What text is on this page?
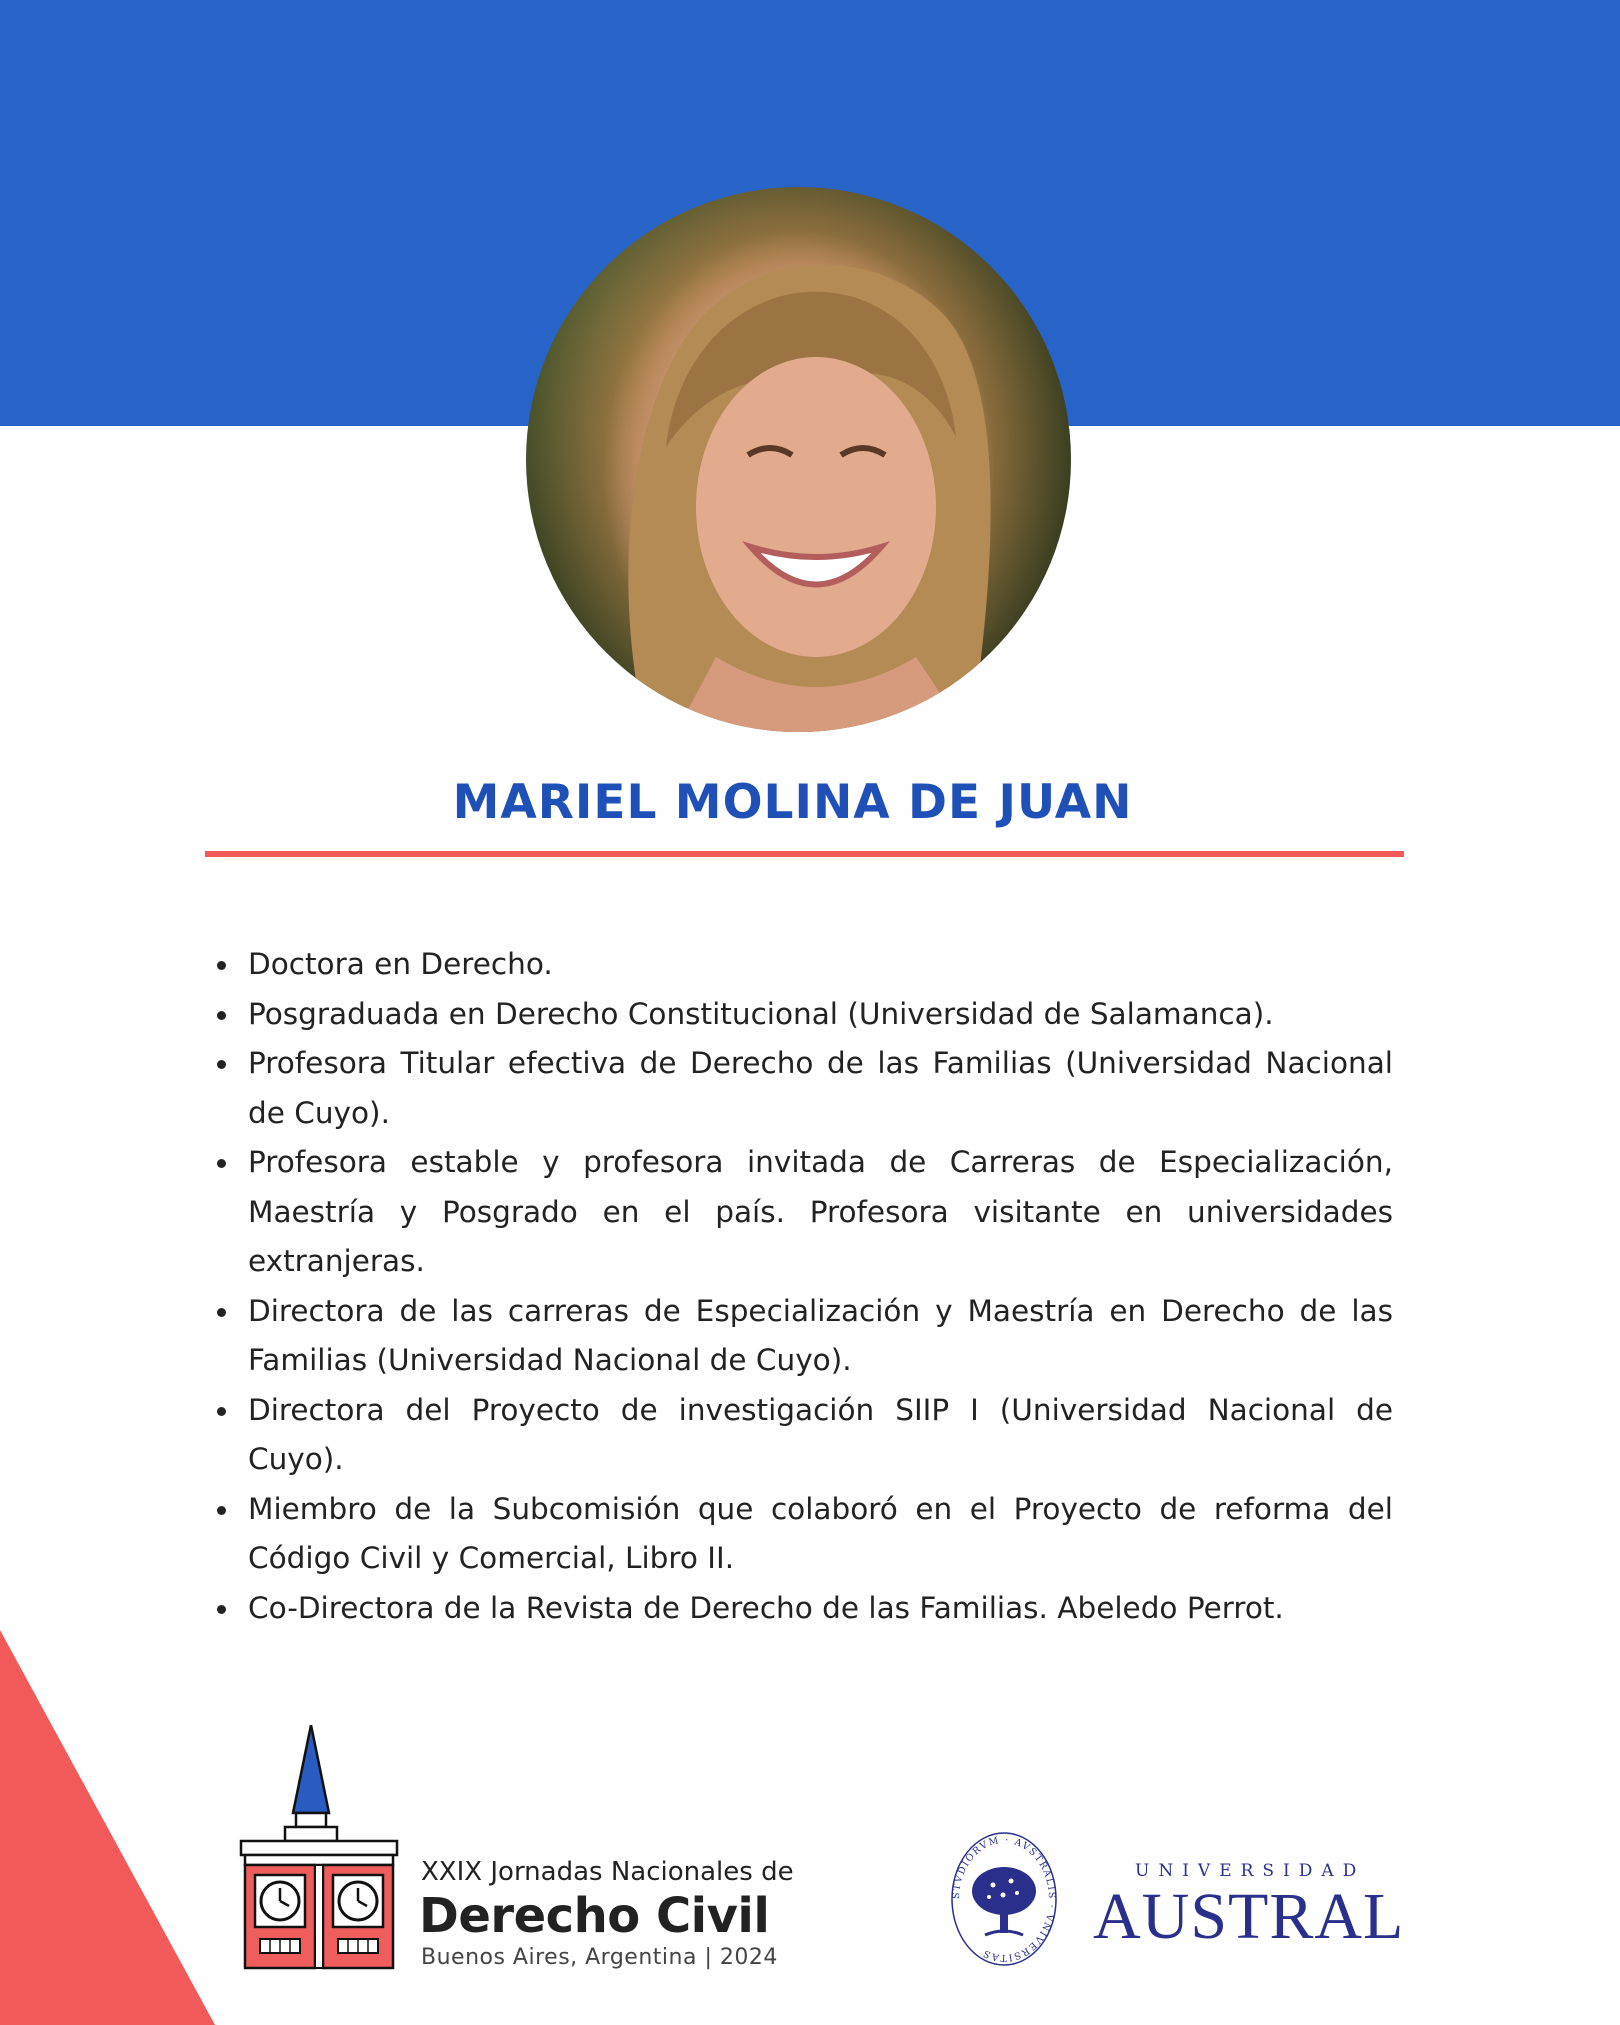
MARIEL MOLINA DE JUAN
Doctora en Derecho.
Posgraduada en Derecho Constitucional (Universidad de Salamanca).
Profesora Titular efectiva de Derecho de las Familias (Universidad Nacional de Cuyo).
Profesora estable y profesora invitada de Carreras de Especialización, Maestría y Posgrado en el país. Profesora visitante en universidades extranjeras.
Directora de las carreras de Especialización y Maestría en Derecho de las Familias (Universidad Nacional de Cuyo).
Directora del Proyecto de investigación SIIP I (Universidad Nacional de Cuyo).
Miembro de la Subcomisión que colaboró en el Proyecto de reforma del Código Civil y Comercial, Libro II.
Co-Directora de la Revista de Derecho de las Familias. Abeledo Perrot.
XXIX Jornadas Nacionales de
Derecho Civil
Buenos Aires, Argentina | 2024
STVDIORVM · AVSTRALIS · VNIVERSITAS
UNIVERSIDAD
AUSTRAL
